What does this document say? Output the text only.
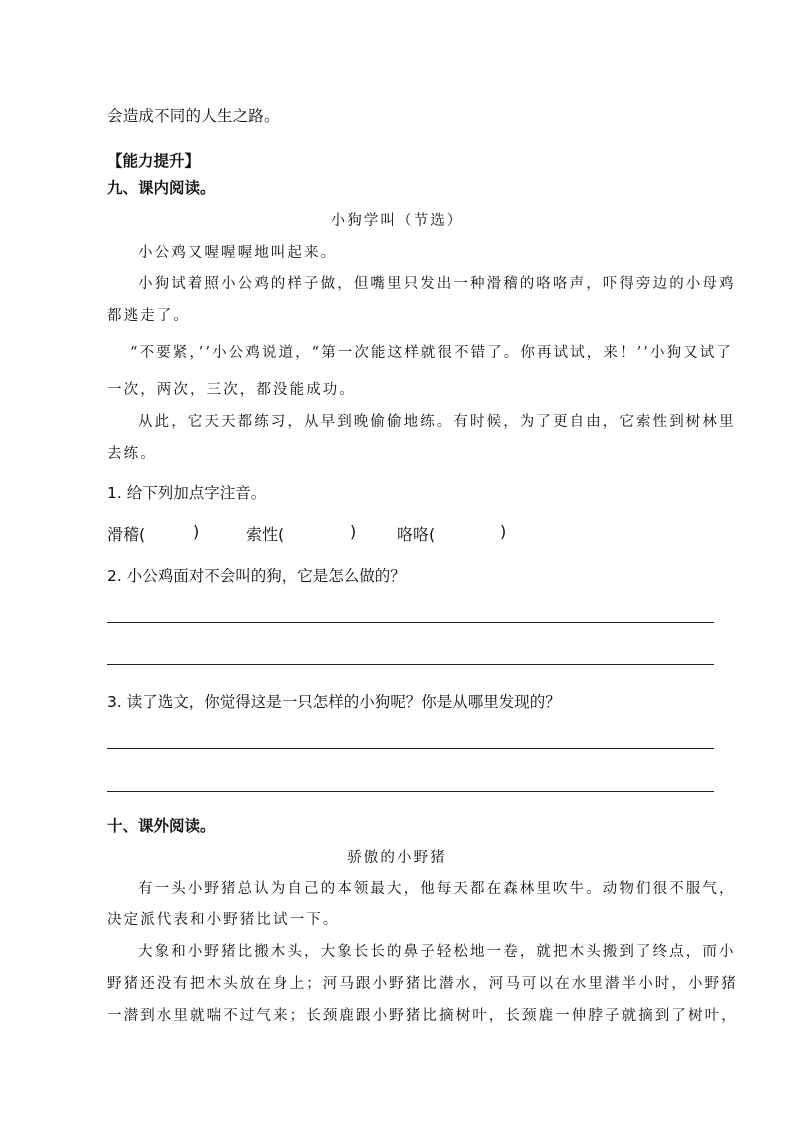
会造成不同的人生之路。
【能力提升】
九、课内阅读。
小狗学叫（节选）
小公鸡又喔喔喔地叫起来。
小狗试着照小公鸡的样子做，但嘴里只发出一种滑稽的咯咯声，吓得旁边的小母鸡
都逃走了。
“不要紧，’’小公鸡说道，“第一次能这样就很不错了。你再试试，来！’’小狗又试了
一次，两次，三次，都没能成功。
从此，它天天都练习，从早到晚偷偷地练。有时候，为了更自由，它索性到树林里
去练。
1. 给下列加点字注音。
滑稽(	)	索性(	)	咯咯(	)
2. 小公鸡面对不会叫的狗，它是怎么做的？
3. 读了选文，你觉得这是一只怎样的小狗呢？你是从哪里发现的？
十、课外阅读。
骄傲的小野猪
有一头小野猪总认为自己的本领最大，他每天都在森林里吹牛。动物们很不服气，
决定派代表和小野猪比试一下。
大象和小野猪比搬木头，大象长长的鼻子轻松地一卷，就把木头搬到了终点，而小
野猪还没有把木头放在身上；河马跟小野猪比潜水，河马可以在水里潜半小时，小野猪
一潜到水里就喘不过气来；长颈鹿跟小野猪比摘树叶，长颈鹿一伸脖子就摘到了树叶，
